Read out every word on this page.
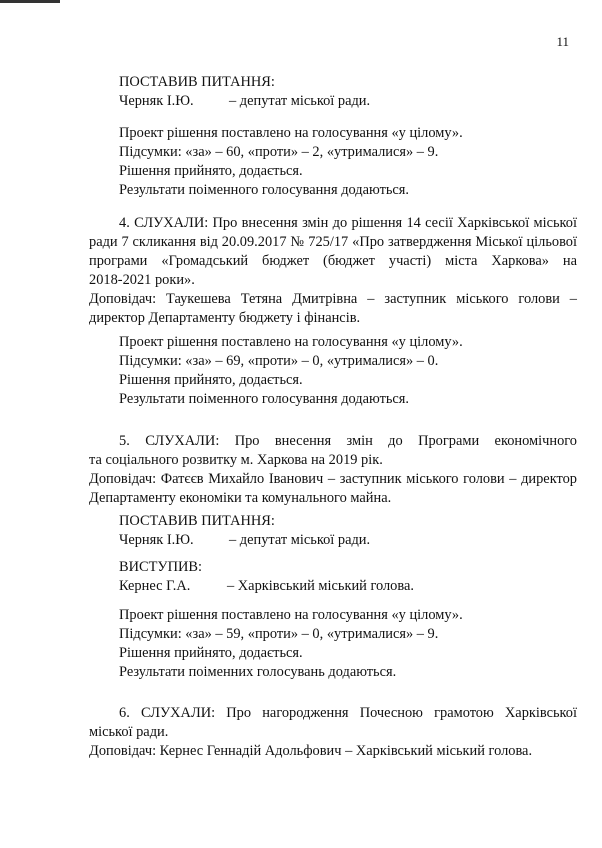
11
ПОСТАВИВ ПИТАННЯ:
Черняк І.Ю. – депутат міської ради.
Проект рішення поставлено на голосування «у цілому».
Підсумки: «за» – 60, «проти» – 2, «утрималися» – 9.
Рішення прийнято, додається.
Результати поіменного голосування додаються.
4. СЛУХАЛИ: Про внесення змін до рішення 14 сесії Харківської міської
ради 7 скликання від 20.09.2017 № 725/17 «Про затвердження Міської цільової
програми «Громадський бюджет (бюджет участі) міста Харкова» на
2018-2021 роки».
Доповідач: Таукешева Тетяна Дмитрівна – заступник міського голови –
директор Департаменту бюджету і фінансів.
Проект рішення поставлено на голосування «у цілому».
Підсумки: «за» – 69, «проти» – 0, «утрималися» – 0.
Рішення прийнято, додається.
Результати поіменного голосування додаються.
5. СЛУХАЛИ: Про внесення змін до Програми економічного
та соціального розвитку м. Харкова на 2019 рік.
Доповідач: Фатєєв Михайло Іванович – заступник міського голови – директор
Департаменту економіки та комунального майна.
ПОСТАВИВ ПИТАННЯ:
Черняк І.Ю. – депутат міської ради.
ВИСТУПИВ:
Кернес Г.А.	– Харківський міський голова.
Проект рішення поставлено на голосування «у цілому».
Підсумки: «за» – 59, «проти» – 0, «утрималися» – 9.
Рішення прийнято, додається.
Результати поіменних голосувань додаються.
6. СЛУХАЛИ: Про нагородження Почесною грамотою Харківської
міської ради.
Доповідач: Кернес Геннадій Адольфович – Харківський міський голова.
